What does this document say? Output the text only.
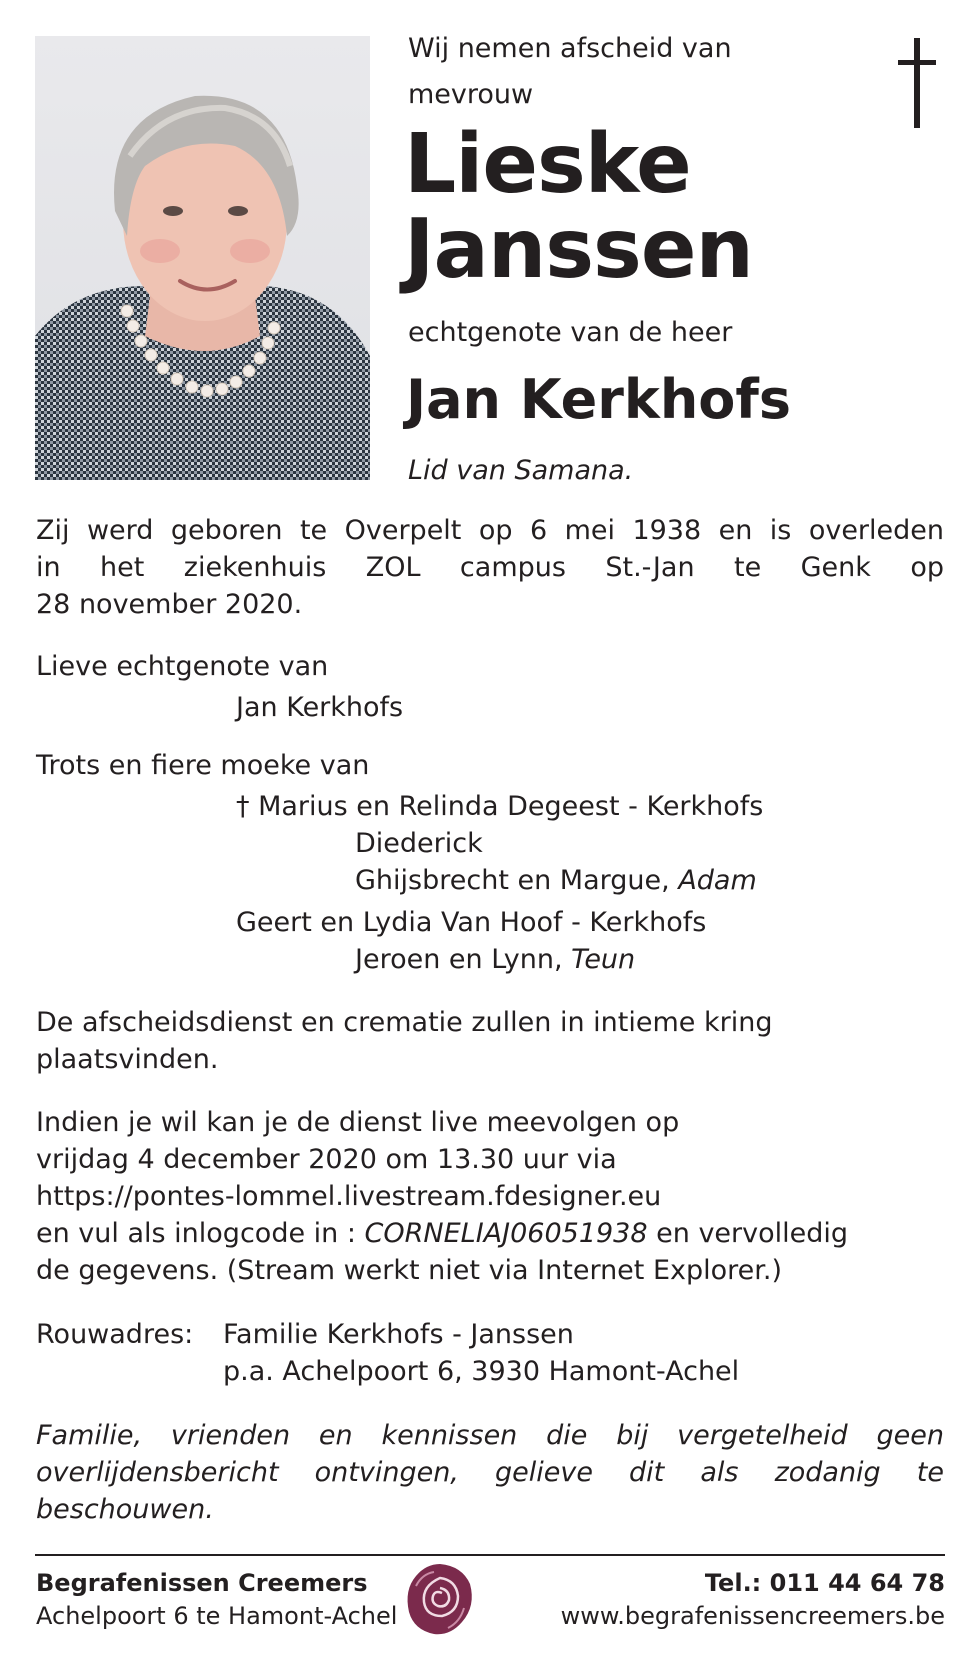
Wij nemen afscheid van
mevrouw
Lieske
Janssen
echtgenote van de heer
Jan Kerkhofs
Lid van Samana.
Zij werd geboren te Overpelt op 6 mei 1938 en is overleden
in het ziekenhuis ZOL campus St.-Jan te Genk op
28 november 2020.
Lieve echtgenote van
Jan Kerkhofs
Trots en fiere moeke van
† Marius en Relinda Degeest - Kerkhofs
Diederick
Ghijsbrecht en Margue, Adam
Geert en Lydia Van Hoof - Kerkhofs
Jeroen en Lynn, Teun
De afscheidsdienst en crematie zullen in intieme kring
plaatsvinden.
Indien je wil kan je de dienst live meevolgen op
vrijdag 4 december 2020 om 13.30 uur via
https://pontes-lommel.livestream.fdesigner.eu
en vul als inlogcode in : CORNELIAJ06051938 en vervolledig
de gegevens. (Stream werkt niet via Internet Explorer.)
Rouwadres: Familie Kerkhofs - Janssen
p.a. Achelpoort 6, 3930 Hamont-Achel
Familie, vrienden en kennissen die bij vergetelheid geen
overlijdensbericht ontvingen, gelieve dit als zodanig te
beschouwen.
Begrafenissen Creemers
Achelpoort 6 te Hamont-Achel
Tel.: 011 44 64 78
www.begrafenissencreemers.be
